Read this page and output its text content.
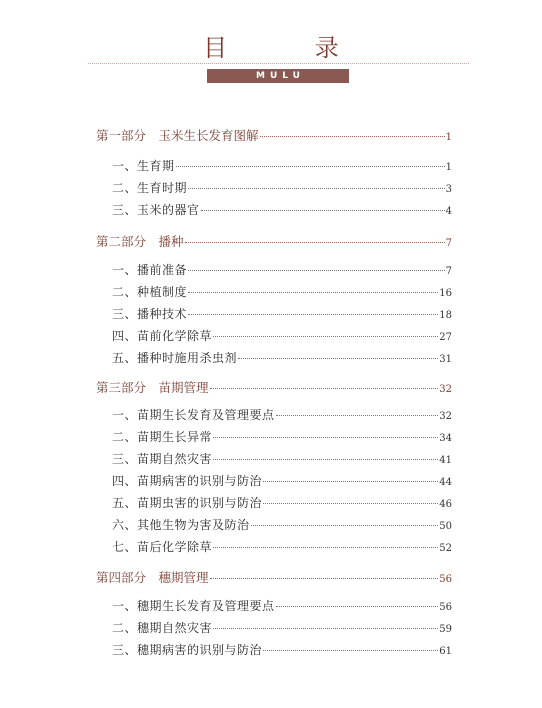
目 录
MULU
第一部分　玉米生长发育图解	1
一、生育期	1
二、生育时期	3
三、玉米的器官	4
第二部分　播种	7
一、播前准备	7
二、种植制度	16
三、播种技术	18
四、苗前化学除草	27
五、播种时施用杀虫剂	31
第三部分　苗期管理	32
一、苗期生长发育及管理要点	32
二、苗期生长异常	34
三、苗期自然灾害	41
四、苗期病害的识别与防治	44
五、苗期虫害的识别与防治	46
六、其他生物为害及防治	50
七、苗后化学除草	52
第四部分　穗期管理	56
一、穗期生长发育及管理要点	56
二、穗期自然灾害	59
三、穗期病害的识别与防治	61
